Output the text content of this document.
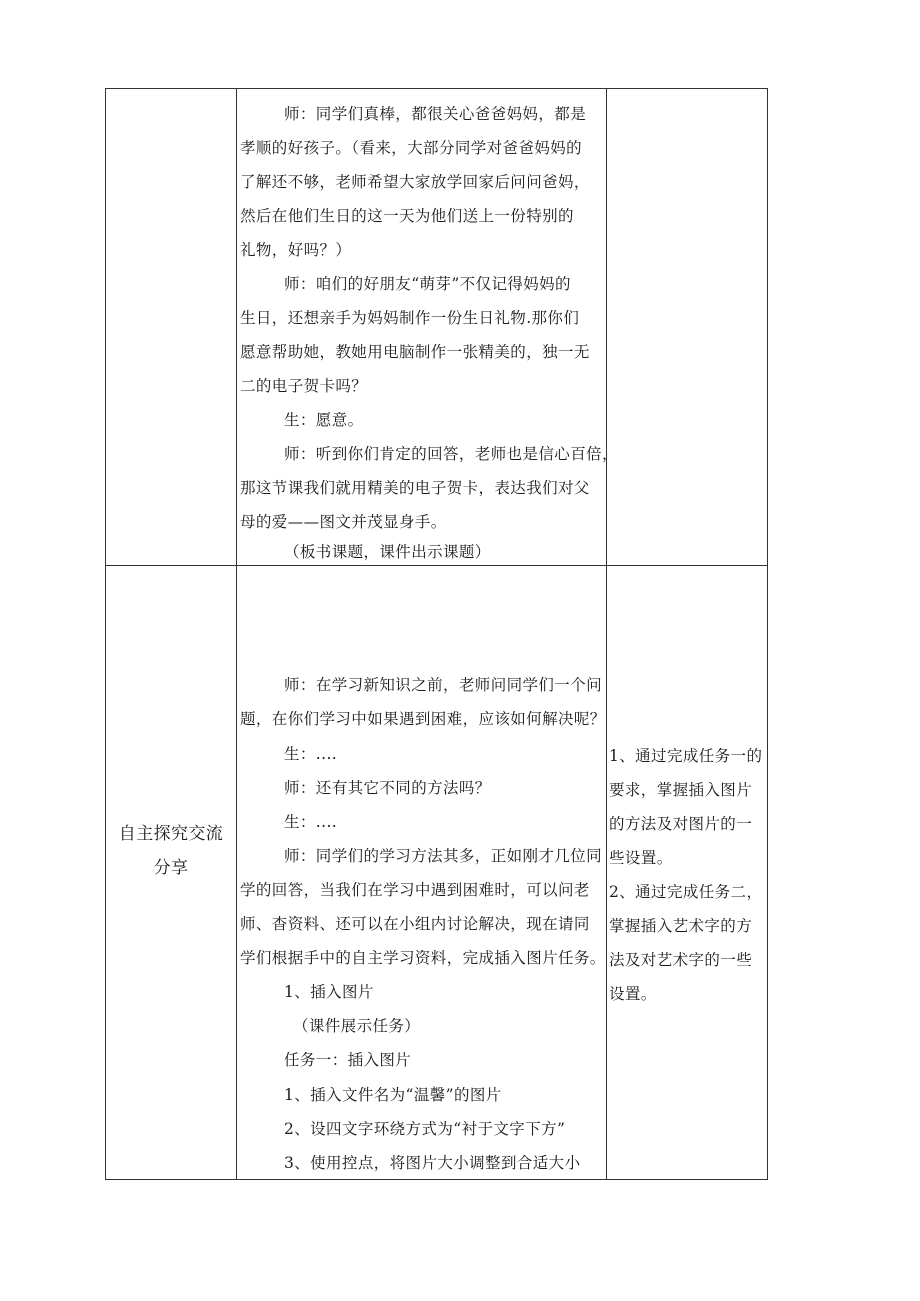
师：同学们真棒，都很关心爸爸妈妈，都是
孝顺的好孩子。（看来，大部分同学对爸爸妈妈的
了解还不够，老师希望大家放学回家后问问爸妈，
然后在他们生日的这一天为他们送上一份特别的
礼物，好吗？）
师：咱们的好朋友“萌芽”不仅记得妈妈的
生日，还想亲手为妈妈制作一份生日礼物.那你们
愿意帮助她，教她用电脑制作一张精美的，独一无
二的电子贺卡吗？
生：愿意。
师：听到你们肯定的回答，老师也是信心百倍，
那这节课我们就用精美的电子贺卡，表达我们对父
母的爱——图文并茂显身手。
（板书课题，课件出示课题）
自主探究交流
分享
师：在学习新知识之前，老师问同学们一个问
题，在你们学习中如果遇到困难，应该如何解决呢？
生：....
师：还有其它不同的方法吗？
生：....
师：同学们的学习方法其多，正如刚才几位同
学的回答，当我们在学习中遇到困难时，可以问老
师、杳资料、还可以在小组内讨论解决，现在请同
学们根据手中的自主学习资料，完成插入图片任务。
1、插入图片
（课件展示任务）
任务一：插入图片
1、插入文件名为“温馨”的图片
2、设四文字环绕方式为“衬于文字下方”
3、使用控点，将图片大小调整到合适大小
1、通过完成任务一的
要求，掌握插入图片
的方法及对图片的一
些设置。
2、通过完成任务二，
掌握插入艺术字的方
法及对艺术字的一些
设置。
